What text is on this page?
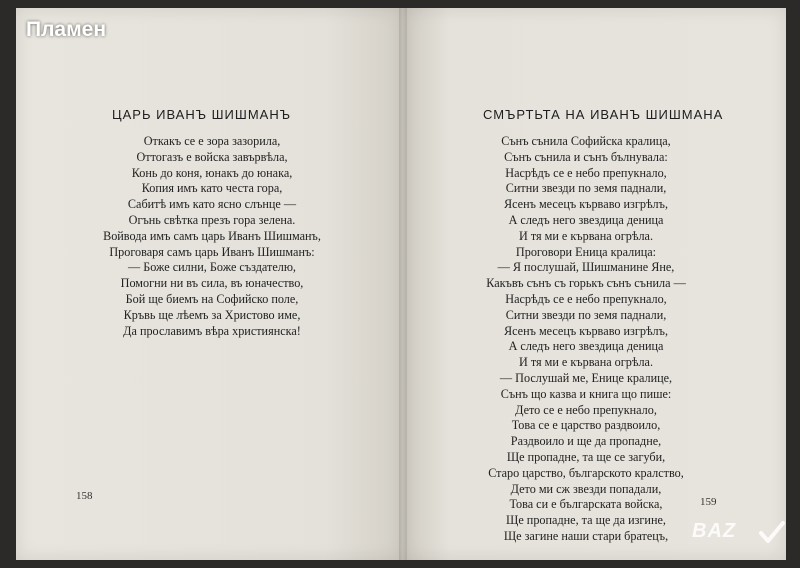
Пламен
ЦАРЬ ИВАНЪ ШИШМАНЪ
Откакъ се е зора зазорила,
Оттогазъ е войска завървѣла,
Конь до коня, юнакъ до юнака,
Копия имъ като честа гора,
Сабитѣ имъ като ясно слънце —
Огънь свѣтка презъ гора зелена.
Войвода имъ самъ царь Иванъ Шишманъ,
Проговаря самъ царь Иванъ Шишманъ:
— Боже силни, Боже създателю,
Помогни ни въ сила, въ юначество,
Бой ще биемъ на Софийско поле,
Кръвь ще лѣемъ за Христово име,
Да прославимъ вѣра християнска!
158
СМЪРТЬТА НА ИВАНЪ ШИШМАНА
Сънъ сънила Софийска кралица,
Сънъ сънила и сънъ бълнувала:
Насрѣдъ се е небо препукнало,
Ситни звезди по земя паднали,
Ясенъ месецъ кървaво изгрѣлъ,
А следъ него звездица деница
И тя ми е кървана огрѣла.
Проговори Еница кралица:
— Я послушай, Шишманине Яне,
Какъвъ сънъ съ горькъ сънъ сънила —
Насрѣдъ се е небо препукнало,
Ситни звезди по земя паднали,
Ясенъ месецъ кървaво изгрѣлъ,
А следъ него звездица деница
И тя ми е кървана огрѣла.
— Послушай ме, Енице кралице,
Сънъ що казва и книга що пише:
Дето се е небо препукнало,
Това се е царство раздвоило,
Раздвоило и ще да пропадне,
Ще пропадне, та ще се загуби,
Старо царство, българското кралство,
Дето ми сж звезди попадали,
Това си е българската войска,
Ще пропадне, та ще да изгине,
Ще загине наши стари братецъ,
159
BAZ
